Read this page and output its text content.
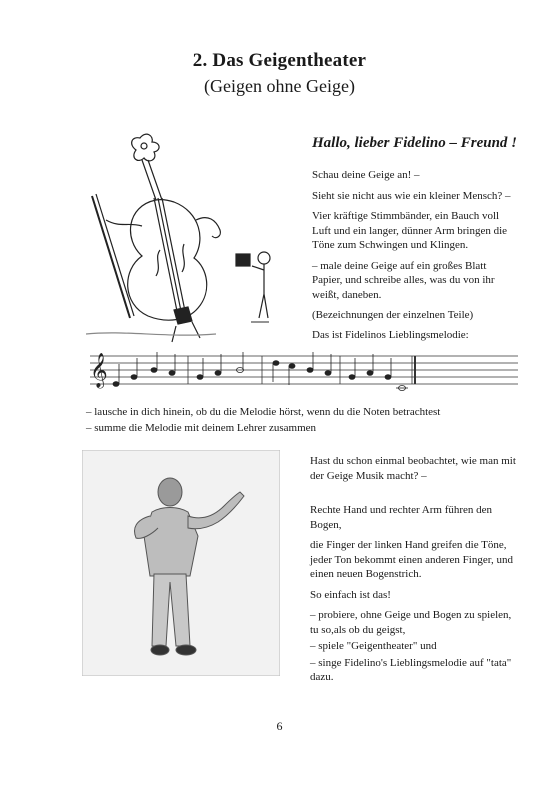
2. Das Geigentheater
(Geigen ohne Geige)
Hallo, lieber Fidelino – Freund !

Schau deine Geige an! –

Sieht sie nicht aus wie ein kleiner Mensch? –

Vier kräftige Stimmbänder, ein Bauch voll Luft und ein langer, dünner Arm bringen die Töne zum Schwingen und Klingen.

– male deine Geige auf ein großes Blatt Papier, und schreibe alles, was du von ihr weißt, daneben.

(Bezeichnungen der einzelnen Teile)

Das ist Fidelinos Lieblingsmelodie:
𝄞
– lausche in dich hinein, ob du die Melodie hörst, wenn du die Noten betrachtest
– summe die Melodie mit deinem Lehrer zusammen
Hast du schon einmal beobachtet, wie man mit der Geige Musik macht? –

Rechte Hand und rechter Arm führen den Bogen,

die Finger der linken Hand greifen die Töne,

jeder Ton bekommt einen anderen Finger, und einen neuen Bogenstrich.

So einfach ist das!

– probiere, ohne Geige und Bogen zu spielen, tu so,als ob du geigst,

– spiele "Geigentheater" und

– singe Fidelino's Lieblingsmelodie auf "tata" dazu.

6
